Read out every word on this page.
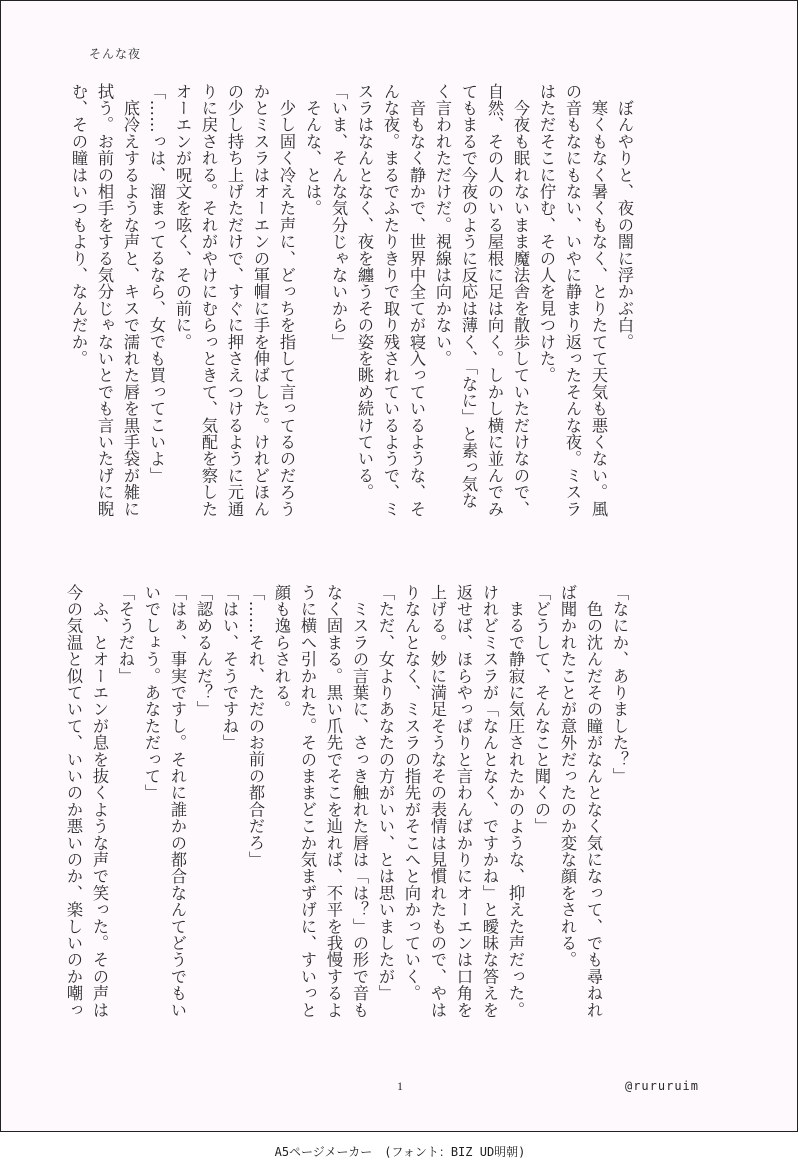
そんな夜

　ぼんやりと、夜の闇に浮かぶ白。

　寒くもなく暑くもなく、とりたてて天気も悪くない。風

の音もなにもない、いやに静まり返ったそんな夜。ミスラ

はただそこに佇む、その人を見つけた。

　今夜も眠れないまま魔法舎を散歩していただけなので、

自然、その人のいる屋根に足は向く。しかし横に並んでみ

てもまるで今夜のように反応は薄く、「なに」と素っ気な

く言われただけだ。視線は向かない。

　音もなく静かで、世界中全てが寝入っているような、そ

んな夜。まるでふたりきりで取り残されているようで、ミ

スラはなんとなく、夜を纏うその姿を眺め続けている。

「いま、そんな気分じゃないから」

　そんな、とは。

　少し固く冷えた声に、どっちを指して言ってるのだろう

かとミスラはオーエンの軍帽に手を伸ばした。けれどほん

の少し持ち上げただけで、すぐに押さえつけるように元通

りに戻される。それがやけにむらっときて、気配を察した

オーエンが呪文を呟く、その前に。

「……っは、溜まってるなら、女でも買ってこいよ」

　底冷えするような声と、キスで濡れた唇を黒手袋が雑に

拭う。お前の相手をする気分じゃないとでも言いたげに睨

む、その瞳はいつもより、なんだか。

「なにか、ありました？」

　色の沈んだその瞳がなんとなく気になって、でも尋ねれ

ば聞かれたことが意外だったのか変な顔をされる。

「どうして、そんなこと聞くの」

　まるで静寂に気圧されたかのような、抑えた声だった。

けれどミスラが「なんとなく、ですかね」と曖昧な答えを

返せば、ほらやっぱりと言わんばかりにオーエンは口角を

上げる。妙に満足そうなその表情は見慣れたもので、やは

りなんとなく、ミスラの指先がそこへと向かっていく。

「ただ、女よりあなたの方がいい、とは思いましたが」

　ミスラの言葉に、さっき触れた唇は「は？」の形で音も

なく固まる。黒い爪先でそこを辿れば、不平を我慢するよ

うに横へ引かれた。そのままどこか気まずげに、すいっと

顔も逸らされる。

「……それ、ただのお前の都合だろ」

「はい、そうですね」

「認めるんだ？」

「はぁ、事実ですし。それに誰かの都合なんてどうでもい

いでしょう。あなただって」

「そうだね」

　ふ、とオーエンが息を抜くような声で笑った。その声は

今の気温と似ていて、いいのか悪いのか、楽しいのか嘲っ

1	@rururuim
A5ページメーカー　(フォント：BIZ UD明朝)
